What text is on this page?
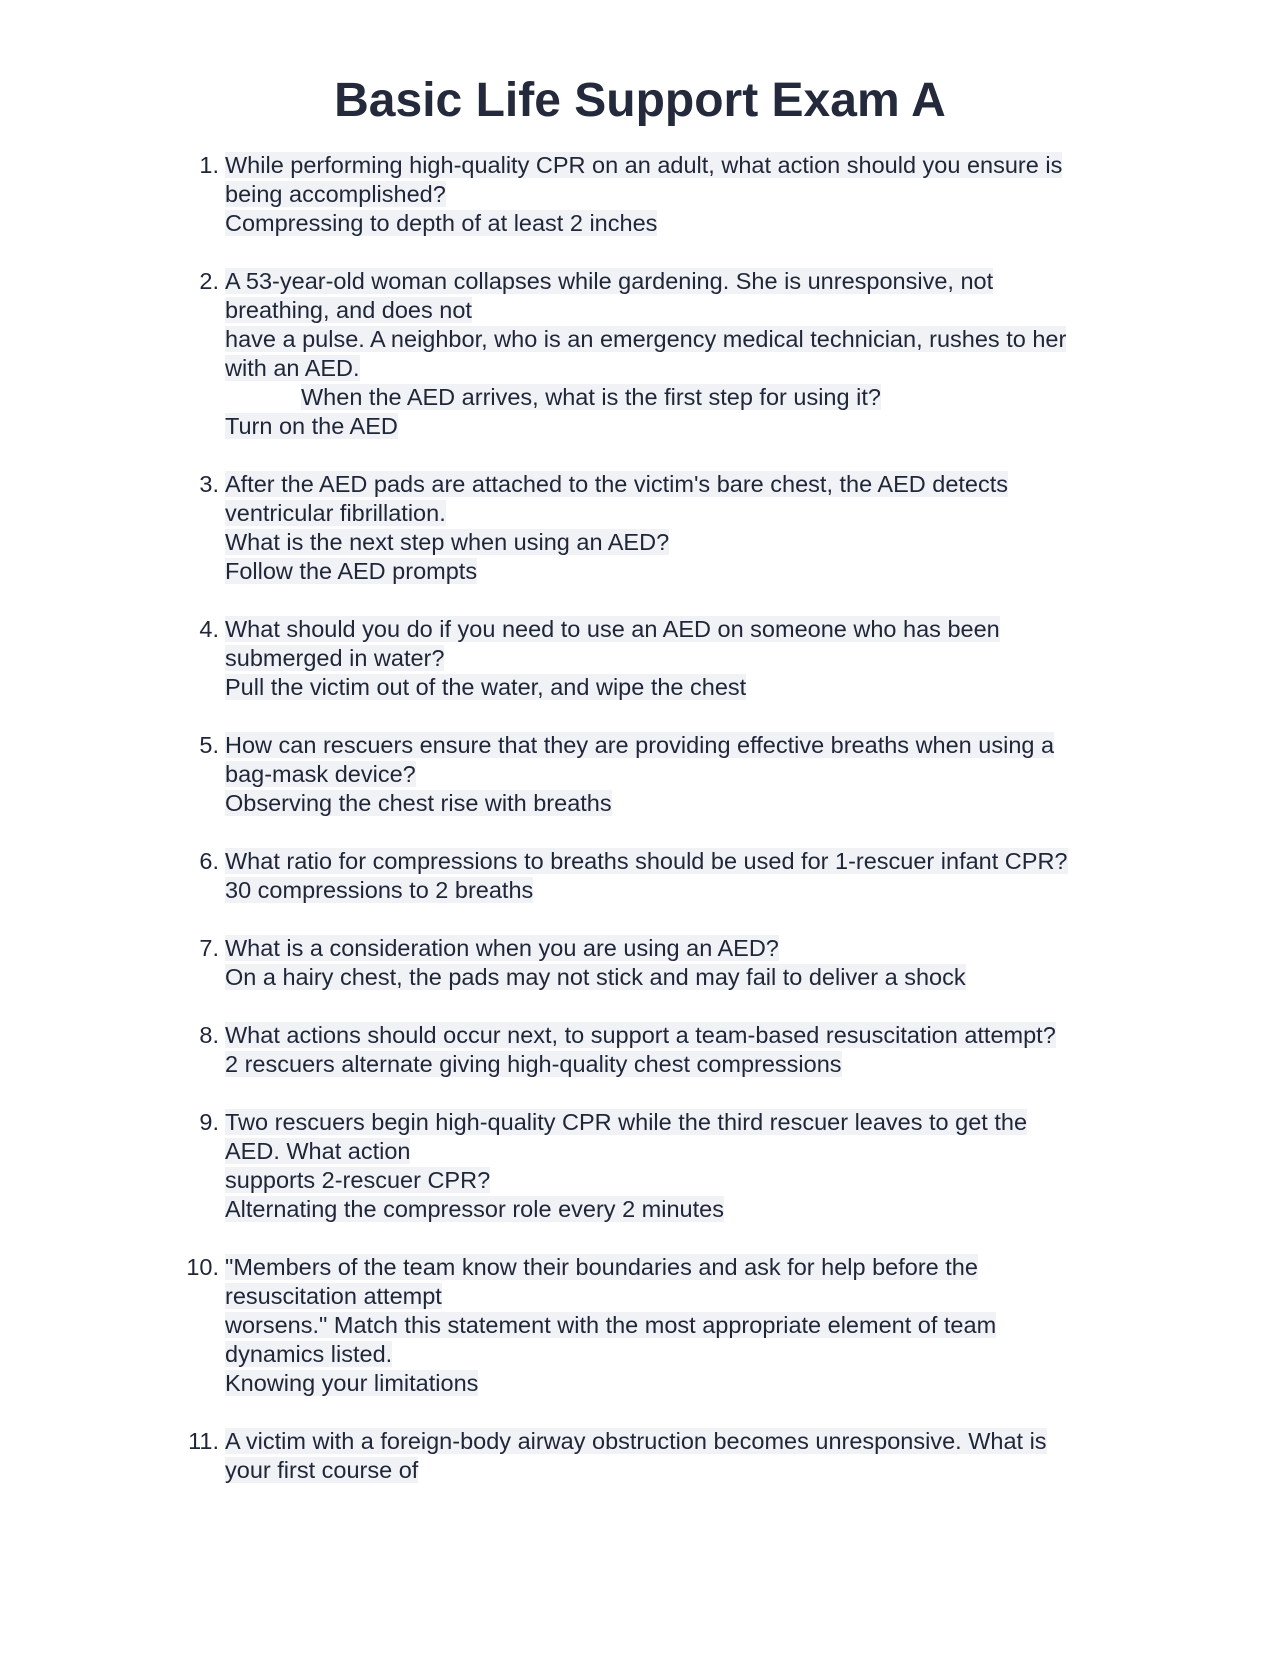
Basic Life Support Exam A
1. While performing high-quality CPR on an adult, what action should you ensure is
being accomplished?
Compressing to depth of at least 2 inches
2. A 53-year-old woman collapses while gardening. She is unresponsive, not
breathing, and does not
have a pulse. A neighbor, who is an emergency medical technician, rushes to her
with an AED.
When the AED arrives, what is the first step for using it?
Turn on the AED
3. After the AED pads are attached to the victim's bare chest, the AED detects
ventricular fibrillation.
What is the next step when using an AED?
Follow the AED prompts
4. What should you do if you need to use an AED on someone who has been
submerged in water?
Pull the victim out of the water, and wipe the chest
5. How can rescuers ensure that they are providing effective breaths when using a
bag-mask device?
Observing the chest rise with breaths
6. What ratio for compressions to breaths should be used for 1-rescuer infant CPR?
30 compressions to 2 breaths
7. What is a consideration when you are using an AED?
On a hairy chest, the pads may not stick and may fail to deliver a shock
8. What actions should occur next, to support a team-based resuscitation attempt?
2 rescuers alternate giving high-quality chest compressions
9. Two rescuers begin high-quality CPR while the third rescuer leaves to get the
AED. What action
supports 2-rescuer CPR?
Alternating the compressor role every 2 minutes
10. "Members of the team know their boundaries and ask for help before the
resuscitation attempt
worsens." Match this statement with the most appropriate element of team
dynamics listed.
Knowing your limitations
11. A victim with a foreign-body airway obstruction becomes unresponsive. What is
your first course of
